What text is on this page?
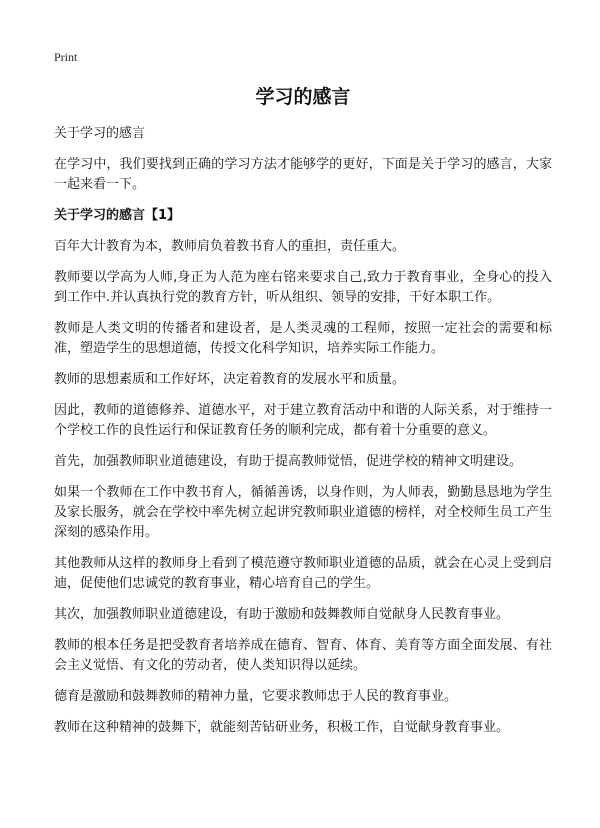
Print
学习的感言

关于学习的感言

在学习中，我们要找到正确的学习方法才能够学的更好，下面是关于学习的感言，大家一起来看一下。

关于学习的感言【1】

百年大计教育为本，教师肩负着教书育人的重担，责任重大。

教师要以学高为人师,身正为人范为座右铭来要求自己,致力于教育事业，全身心的投入到工作中.并认真执行党的教育方针，听从组织、领导的安排，干好本职工作。

教师是人类文明的传播者和建设者，是人类灵魂的工程师，按照一定社会的需要和标准，塑造学生的思想道德，传授文化科学知识，培养实际工作能力。

教师的思想素质和工作好坏，决定着教育的发展水平和质量。

因此，教师的道德修养、道德水平，对于建立教育活动中和谐的人际关系，对于维持一个学校工作的良性运行和保证教育任务的顺利完成，都有着十分重要的意义。

首先，加强教师职业道德建设，有助于提高教师觉悟，促进学校的精神文明建设。

如果一个教师在工作中教书育人，循循善诱，以身作则，为人师表，勤勤恳恳地为学生及家长服务，就会在学校中率先树立起讲究教师职业道德的榜样，对全校师生员工产生深刻的感染作用。

其他教师从这样的教师身上看到了模范遵守教师职业道德的品质，就会在心灵上受到启迪，促使他们忠诚党的教育事业，精心培育自己的学生。

其次，加强教师职业道德建设，有助于激励和鼓舞教师自觉献身人民教育事业。

教师的根本任务是把受教育者培养成在德育、智育、体育、美育等方面全面发展、有社会主义觉悟、有文化的劳动者，使人类知识得以延续。

德育是激励和鼓舞教师的精神力量，它要求教师忠于人民的教育事业。

教师在这种精神的鼓舞下，就能刻苦钻研业务，积极工作，自觉献身教育事业。
